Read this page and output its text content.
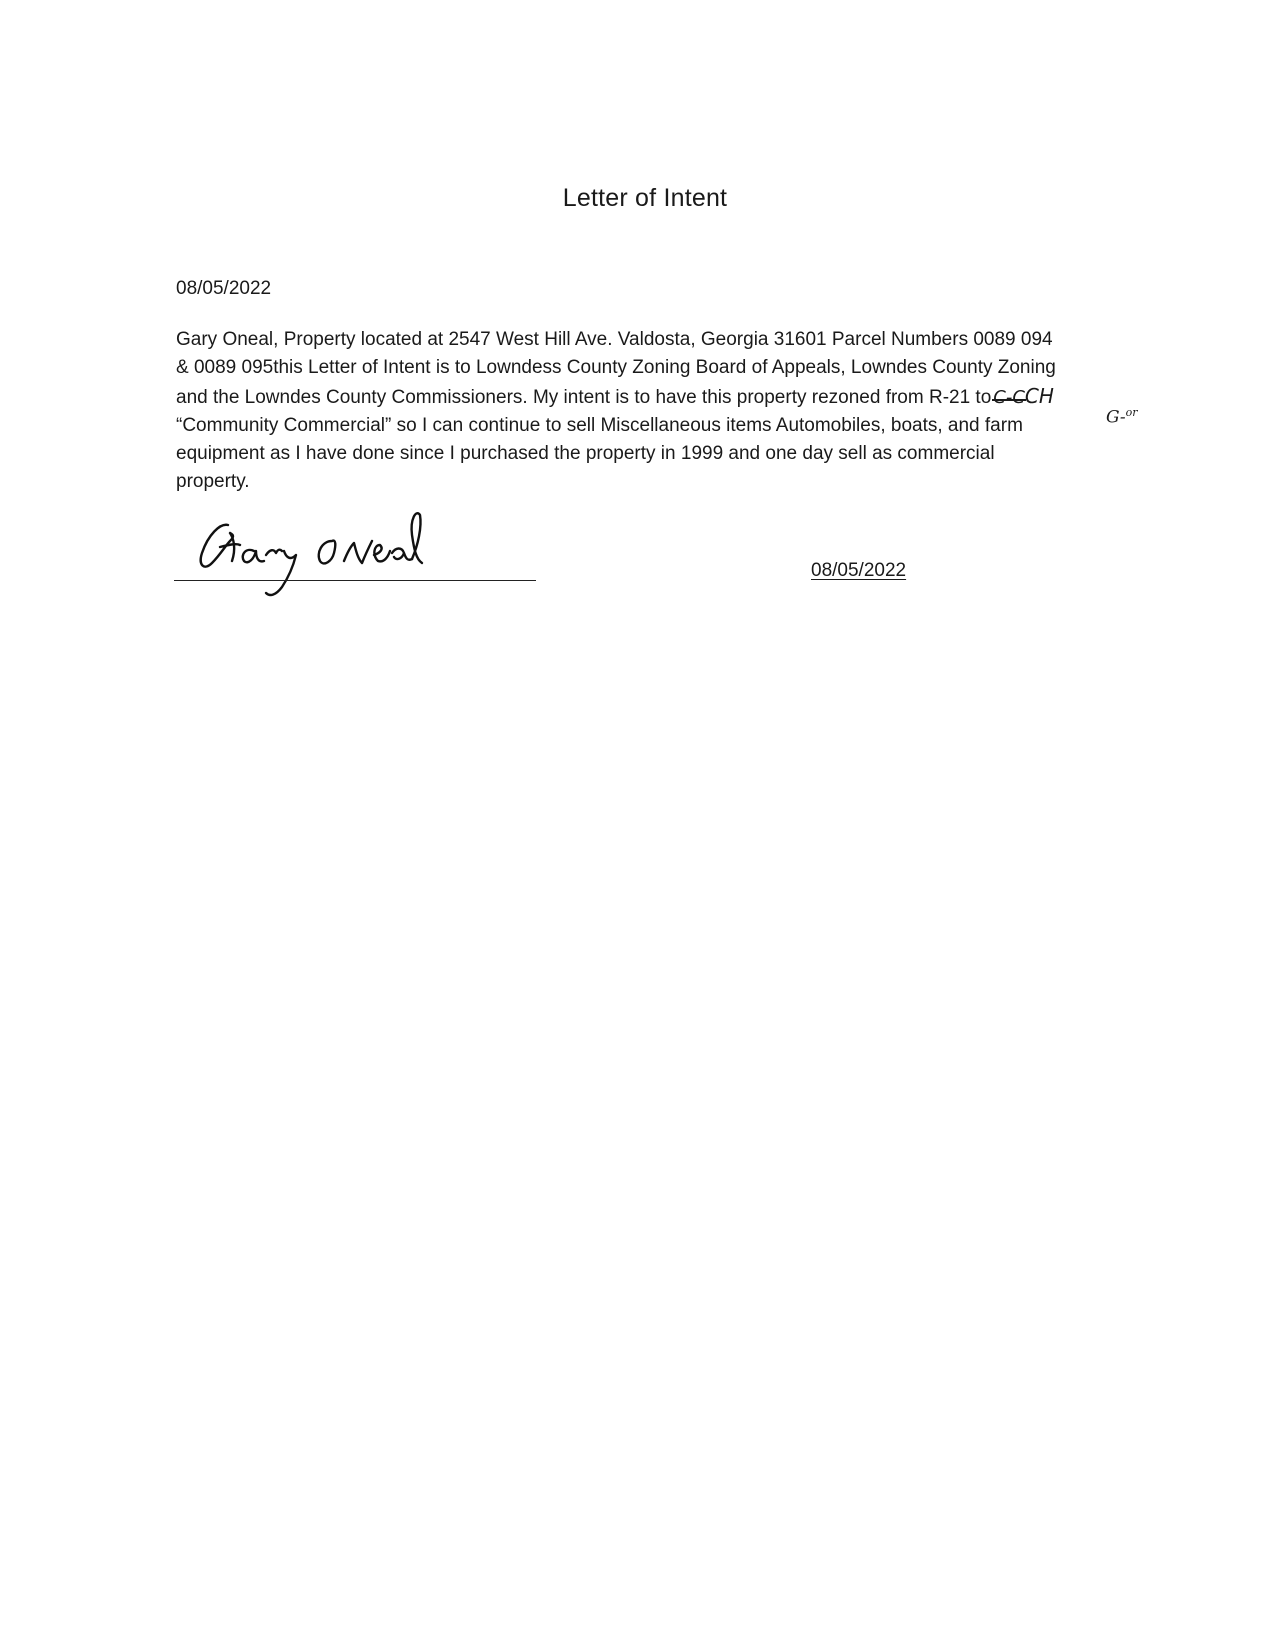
Letter of Intent
08/05/2022
Gary Oneal, Property located at 2547 West Hill Ave. Valdosta, Georgia 31601 Parcel Numbers 0089 094
& 0089 095this Letter of Intent is to Lowndess County Zoning Board of Appeals, Lowndes County Zoning
and the Lowndes County Commissioners. My intent is to have this property rezoned from R-21 to C-CCH
“Community Commercial” so I can continue to sell Miscellaneous items Automobiles, boats, and farm
equipment as I have done since I purchased the property in 1999 and one day sell as commercial
property.
G-$^{or}$
08/05/2022
